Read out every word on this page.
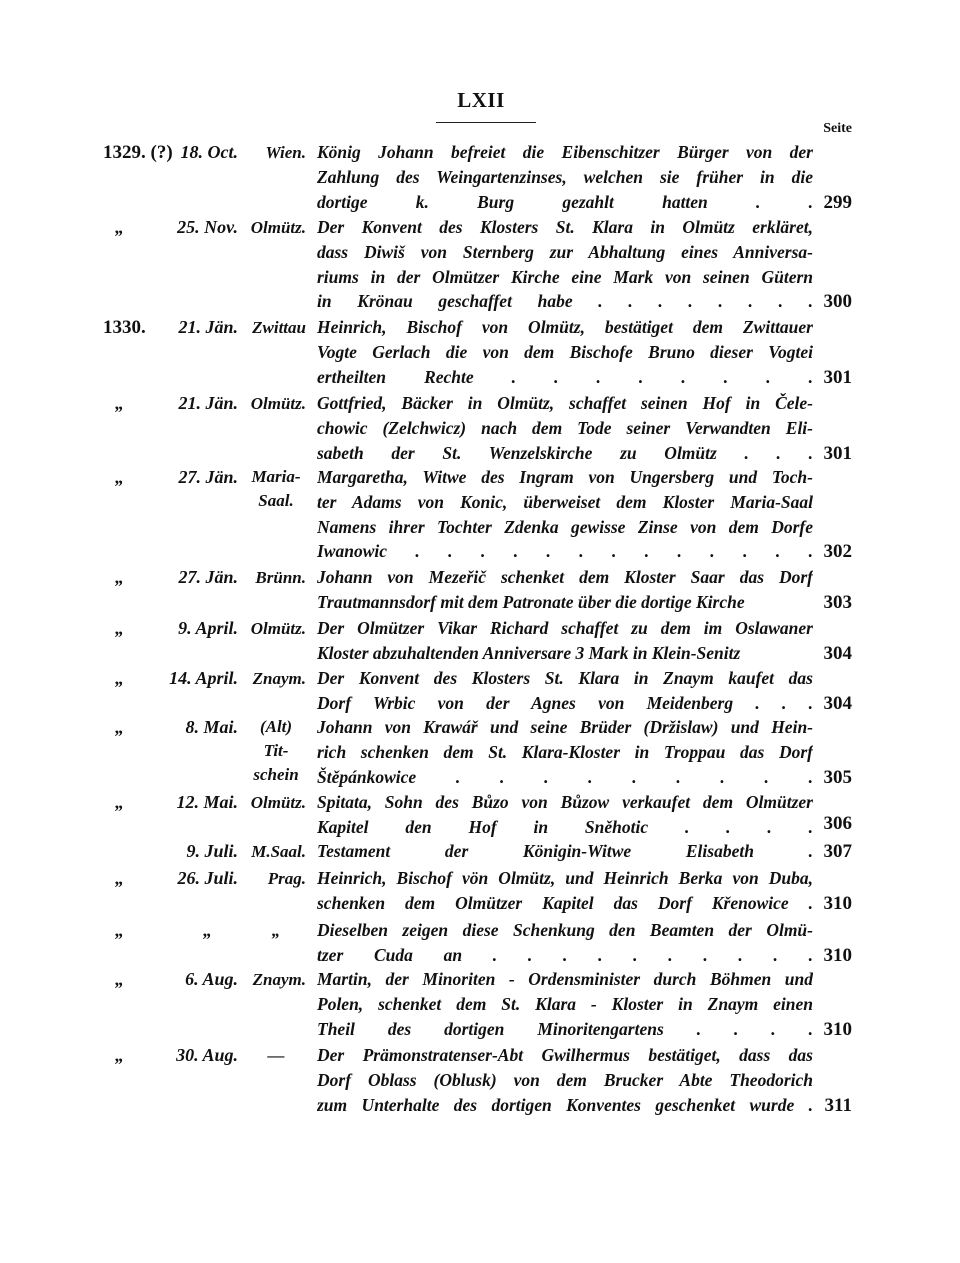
LXII
Seite
1329. (?) 18. Oct.	Wien. König Johann befreiet die Eibenschitzer Bürger von der
Zahlung des Weingartenzinses, welchen sie früher in die
dortige k. Burg gezahlt hatten . . 299
„	25. Nov. Olmütz. Der Konvent des Klosters St. Klara in Olmütz erkläret,
dass Diwiš von Sternberg zur Abhaltung eines Anniversa-
riums in der Olmützer Kirche eine Mark von seinen Gütern
in Krönau geschaffet habe . . . . . . . . 300
1330.	21. Jän. Zwittau Heinrich, Bischof von Olmütz, bestätiget dem Zwittauer
Vogte Gerlach die von dem Bischofe Bruno dieser Vogtei
ertheilten Rechte . . . . . . . . 301
„	21. Jän. Olmütz. Gottfried, Bäcker in Olmütz, schaffet seinen Hof in Čele-
chowic (Zelchwicz) nach dem Tode seiner Verwandten Eli-
sabeth der St. Wenzelskirche zu Olmütz . . . 301
„	27. Jän. Maria-
Saal.
Margaretha, Witwe des Ingram von Ungersberg und Toch-
ter Adams von Konic, überweiset dem Kloster Maria-Saal
Namens ihrer Tochter Zdenka gewisse Zinse von dem Dorfe
Iwanowic . . . . . . . . . . . . . 302
„	27. Jän.	Brünn. Johann von Mezeřič schenket dem Kloster Saar das Dorf
Trautmannsdorf mit dem Patronate über die dortige Kirche	303
„	9. April. Olmütz. Der Olmützer Vikar Richard schaffet zu dem im Oslawaner
Kloster abzuhaltenden Anniversare 3 Mark in Klein-Senitz	304
„	14. April. Znaym. Der Konvent des Klosters St. Klara in Znaym kaufet das
Dorf Wrbic von der Agnes von Meidenberg . . . 304
„	8. Mai.	(Alt)
Tit-
schein
Johann von Krawář und seine Brüder (Držislaw) und Hein-
rich schenken dem St. Klara-Kloster in Troppau das Dorf
Štěpánkowice . . . . . . . . . 305
„	12. Mai. Olmütz. Spitata, Sohn des Bůzo von Bůzow verkaufet dem Olmützer
Kapitel den Hof in Sněhotic . . . . 306
9. Juli. M.Saal. Testament der Königin-Witwe Elisabeth . 307
„	26. Juli.	Prag. Heinrich, Bischof vön Olmütz, und Heinrich Berka von Duba,
schenken dem Olmützer Kapitel das Dorf Křenowice . 310
„	„	„	Dieselben zeigen diese Schenkung den Beamten der Olmü-
tzer Cuda an . . . . . . . . . . 310
„	6. Aug. Znaym. Martin, der Minoriten - Ordensminister durch Böhmen und
Polen, schenket dem St. Klara - Kloster in Znaym einen
Theil des dortigen Minoritengartens . . . . 310
„	30. Aug.	—	Der Prämonstratenser-Abt Gwilhermus bestätiget, dass das
Dorf Oblass (Oblusk) von dem Brucker Abte Theodorich
zum Unterhalte des dortigen Konventes geschenket wurde . 311
